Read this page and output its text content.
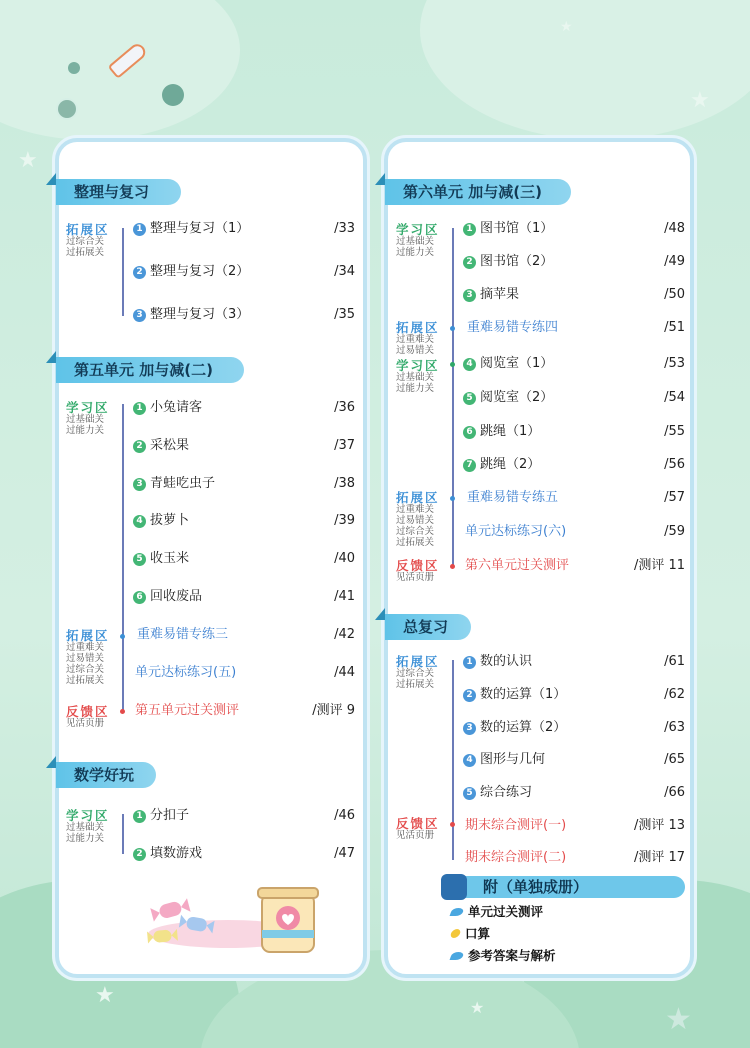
★
★
★
★	★	★
整理与复习
拓展区
过综合关
过拓展关
1 整理与复习（1）	/33
2 整理与复习（2）	/34
3 整理与复习（3）	/35
第五单元 加与减(二)
学习区
过基础关
过能力关
拓展区
过重难关
过易错关
过综合关
过拓展关
反馈区
见活页册
1 小兔请客	/36
2 采松果	/37
3 青蛙吃虫子	/38
4 拔萝卜	/39
5 收玉米	/40
6 回收废品	/41
重难易错专练三	/42
单元达标练习(五)	/44
第五单元过关测评	/测评 9
数学好玩
学习区
过基础关
过能力关
1 分扣子	/46
2 填数游戏	/47
第六单元 加与减(三)
学习区
过基础关
过能力关
拓展区
过重难关
过易错关
学习区
过基础关
过能力关
拓展区
过重难关
过易错关
过综合关
过拓展关
反馈区
见活页册
1 图书馆（1）	/48
2 图书馆（2）	/49
3 摘苹果	/50
重难易错专练四	/51
4 阅览室（1）	/53
5 阅览室（2）	/54
6 跳绳（1）	/55
7 跳绳（2）	/56
重难易错专练五	/57
单元达标练习(六)	/59
第六单元过关测评	/测评 11
总复习
拓展区
过综合关
过拓展关
反馈区
见活页册
1 数的认识	/61
2 数的运算（1）	/62
3 数的运算（2）	/63
4 图形与几何	/65
5 综合练习	/66
期末综合测评(一)	/测评 13
期末综合测评(二)	/测评 17
附（单独成册）
单元过关测评
口算
参考答案与解析
